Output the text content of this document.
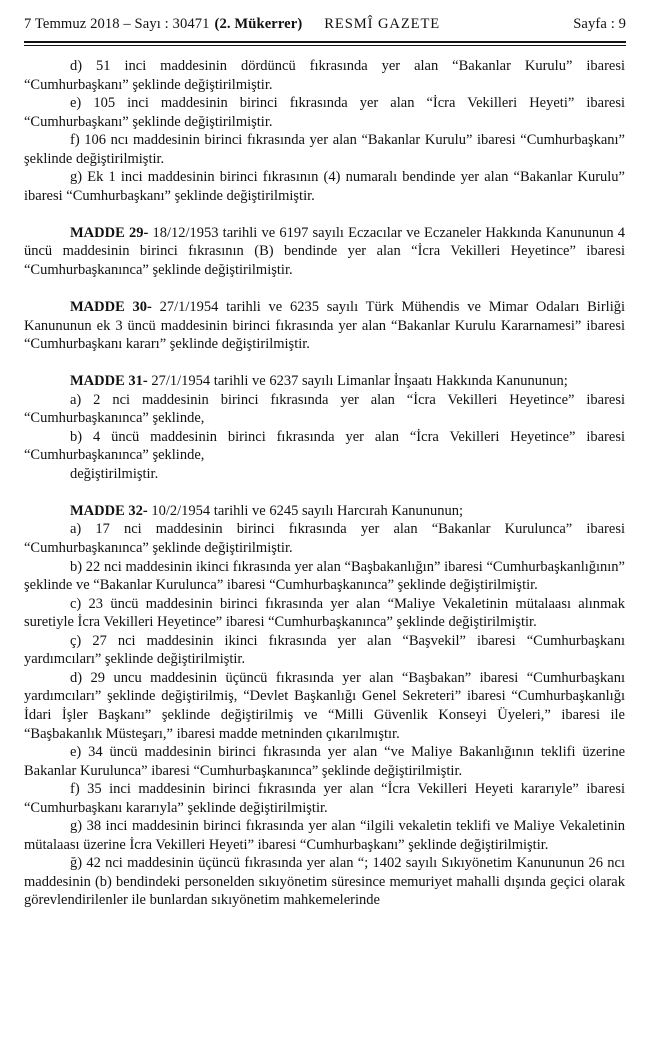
7 Temmuz 2018 – Sayı : 30471 (2. Mükerrer) RESMÎ GAZETE	Sayfa : 9

d) 51 inci maddesinin dördüncü fıkrasında yer alan “Bakanlar Kurulu” ibaresi “Cumhurbaşkanı” şeklinde değiştirilmiştir.

e) 105 inci maddesinin birinci fıkrasında yer alan “İcra Vekilleri Heyeti” ibaresi “Cumhurbaşkanı” şeklinde değiştirilmiştir.

f) 106 ncı maddesinin birinci fıkrasında yer alan “Bakanlar Kurulu” ibaresi “Cumhurbaşkanı” şeklinde değiştirilmiştir.

g) Ek 1 inci maddesinin birinci fıkrasının (4) numaralı bendinde yer alan “Bakanlar Kurulu” ibaresi “Cumhurbaşkanı” şeklinde değiştirilmiştir.

MADDE 29- 18/12/1953 tarihli ve 6197 sayılı Eczacılar ve Eczaneler Hakkında Kanununun 4 üncü maddesinin birinci fıkrasının (B) bendinde yer alan “İcra Vekilleri Heyetince” ibaresi “Cumhurbaşkanınca” şeklinde değiştirilmiştir.

MADDE 30- 27/1/1954 tarihli ve 6235 sayılı Türk Mühendis ve Mimar Odaları Birliği Kanununun ek 3 üncü maddesinin birinci fıkrasında yer alan “Bakanlar Kurulu Kararnamesi” ibaresi “Cumhurbaşkanı kararı” şeklinde değiştirilmiştir.

MADDE 31- 27/1/1954 tarihli ve 6237 sayılı Limanlar İnşaatı Hakkında Kanununun;

a) 2 nci maddesinin birinci fıkrasında yer alan “İcra Vekilleri Heyetince” ibaresi “Cumhurbaşkanınca” şeklinde,

b) 4 üncü maddesinin birinci fıkrasında yer alan “İcra Vekilleri Heyetince” ibaresi “Cumhurbaşkanınca” şeklinde,

değiştirilmiştir.

MADDE 32- 10/2/1954 tarihli ve 6245 sayılı Harcırah Kanununun;

a) 17 nci maddesinin birinci fıkrasında yer alan “Bakanlar Kurulunca” ibaresi “Cumhurbaşkanınca” şeklinde değiştirilmiştir.

b) 22 nci maddesinin ikinci fıkrasında yer alan “Başbakanlığın” ibaresi “Cumhurbaşkanlığının” şeklinde ve “Bakanlar Kurulunca” ibaresi “Cumhurbaşkanınca” şeklinde değiştirilmiştir.

c) 23 üncü maddesinin birinci fıkrasında yer alan “Maliye Vekaletinin mütalaası alınmak suretiyle İcra Vekilleri Heyetince” ibaresi “Cumhurbaşkanınca” şeklinde değiştirilmiştir.

ç) 27 nci maddesinin ikinci fıkrasında yer alan “Başvekil” ibaresi “Cumhurbaşkanı yardımcıları” şeklinde değiştirilmiştir.

d) 29 uncu maddesinin üçüncü fıkrasında yer alan “Başbakan” ibaresi “Cumhurbaşkanı yardımcıları” şeklinde değiştirilmiş, “Devlet Başkanlığı Genel Sekreteri” ibaresi “Cumhurbaşkanlığı İdari İşler Başkanı” şeklinde değiştirilmiş ve “Milli Güvenlik Konseyi Üyeleri,” ibaresi ile “Başbakanlık Müsteşarı,” ibaresi madde metninden çıkarılmıştır.

e) 34 üncü maddesinin birinci fıkrasında yer alan “ve Maliye Bakanlığının teklifi üzerine Bakanlar Kurulunca” ibaresi “Cumhurbaşkanınca” şeklinde değiştirilmiştir.

f) 35 inci maddesinin birinci fıkrasında yer alan “İcra Vekilleri Heyeti kararıyle” ibaresi “Cumhurbaşkanı kararıyla” şeklinde değiştirilmiştir.

g) 38 inci maddesinin birinci fıkrasında yer alan “ilgili vekaletin teklifi ve Maliye Vekaletinin mütalaası üzerine İcra Vekilleri Heyeti” ibaresi “Cumhurbaşkanı” şeklinde değiştirilmiştir.

ğ) 42 nci maddesinin üçüncü fıkrasında yer alan “; 1402 sayılı Sıkıyönetim Kanununun 26 ncı maddesinin (b) bendindeki personelden sıkıyönetim süresince memuriyet mahalli dışında geçici olarak görevlendirilenler ile bunlardan sıkıyönetim mahkemelerinde
